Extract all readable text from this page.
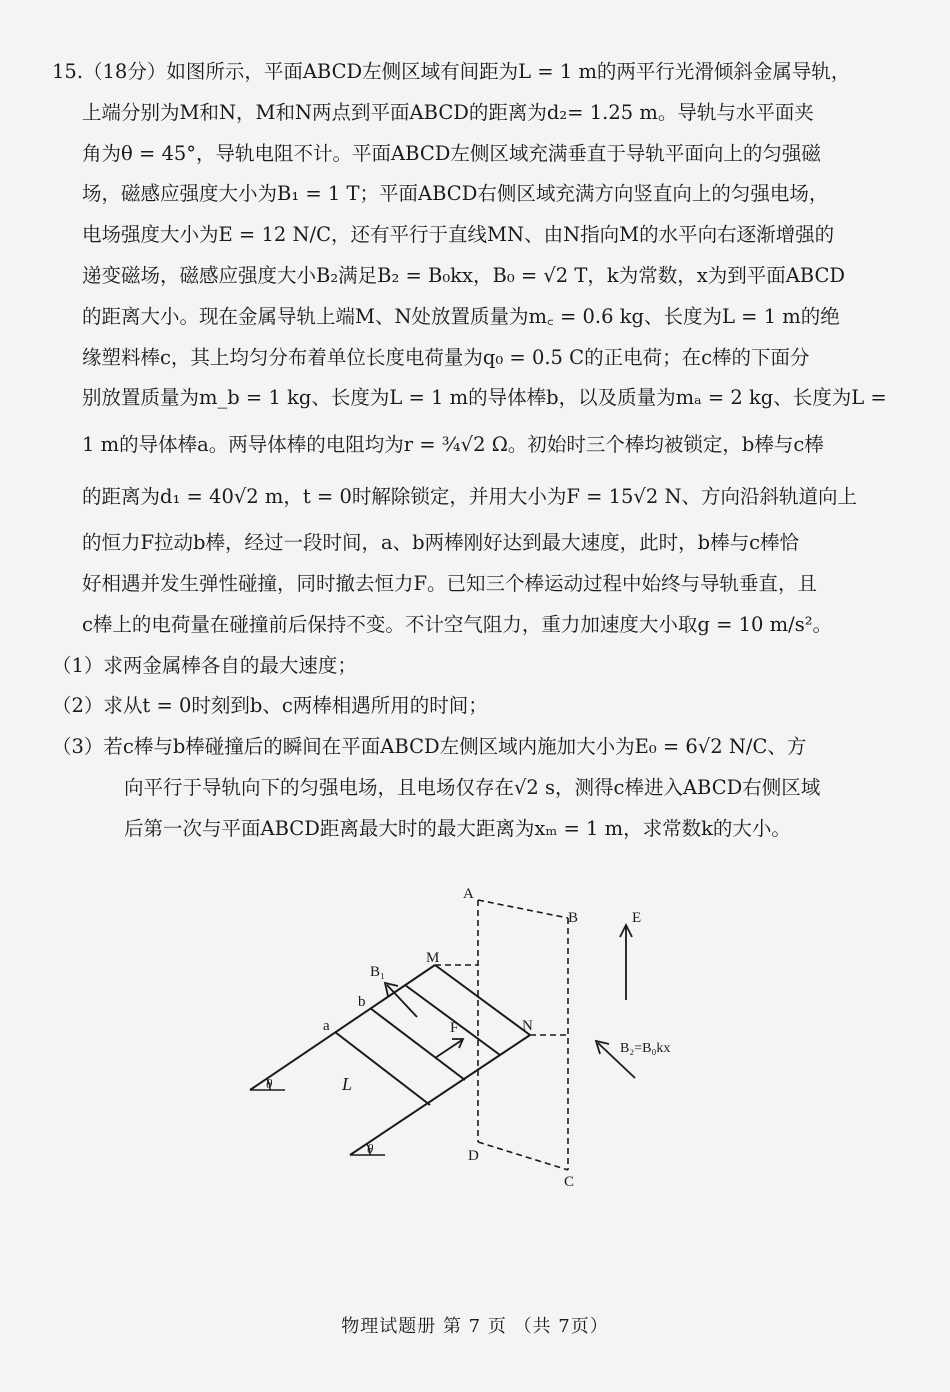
15.（18分）如图所示，平面ABCD左侧区域有间距为L = 1 m的两平行光滑倾斜金属导轨，
上端分别为M和N，M和N两点到平面ABCD的距离为d₂= 1.25 m。导轨与水平面夹
角为θ = 45°，导轨电阻不计。平面ABCD左侧区域充满垂直于导轨平面向上的匀强磁
场，磁感应强度大小为B₁ = 1 T；平面ABCD右侧区域充满方向竖直向上的匀强电场，
电场强度大小为E = 12 N/C，还有平行于直线MN、由N指向M的水平向右逐渐增强的
递变磁场，磁感应强度大小B₂满足B₂ = B₀kx，B₀ = √2 T，k为常数，x为到平面ABCD
的距离大小。现在金属导轨上端M、N处放置质量为m꜀ = 0.6 kg、长度为L = 1 m的绝
缘塑料棒c，其上均匀分布着单位长度电荷量为q₀ = 0.5 C的正电荷；在c棒的下面分
别放置质量为m_b = 1 kg、长度为L = 1 m的导体棒b，以及质量为mₐ = 2 kg、长度为L =
1 m的导体棒a。两导体棒的电阻均为r = ¾√2 Ω。初始时三个棒均被锁定，b棒与c棒
的距离为d₁ = 40√2 m，t = 0时解除锁定，并用大小为F = 15√2 N、方向沿斜轨道向上
的恒力F拉动b棒，经过一段时间，a、b两棒刚好达到最大速度，此时，b棒与c棒恰
好相遇并发生弹性碰撞，同时撤去恒力F。已知三个棒运动过程中始终与导轨垂直，且
c棒上的电荷量在碰撞前后保持不变。不计空气阻力，重力加速度大小取g = 10 m/s²。
（1）求两金属棒各自的最大速度；
（2）求从t = 0时刻到b、c两棒相遇所用的时间；
（3）若c棒与b棒碰撞后的瞬间在平面ABCD左侧区域内施加大小为E₀ = 6√2 N/C、方
向平行于导轨向下的匀强电场，且电场仅存在√2 s，测得c棒进入ABCD右侧区域
后第一次与平面ABCD距离最大时的最大距离为xₘ = 1 m，求常数k的大小。
A
B
C
D
M
N
a
b
B₁
F
E
L
θ
θ
B₂=B₀kx
物理试题册 第 7 页 （共 7页）
